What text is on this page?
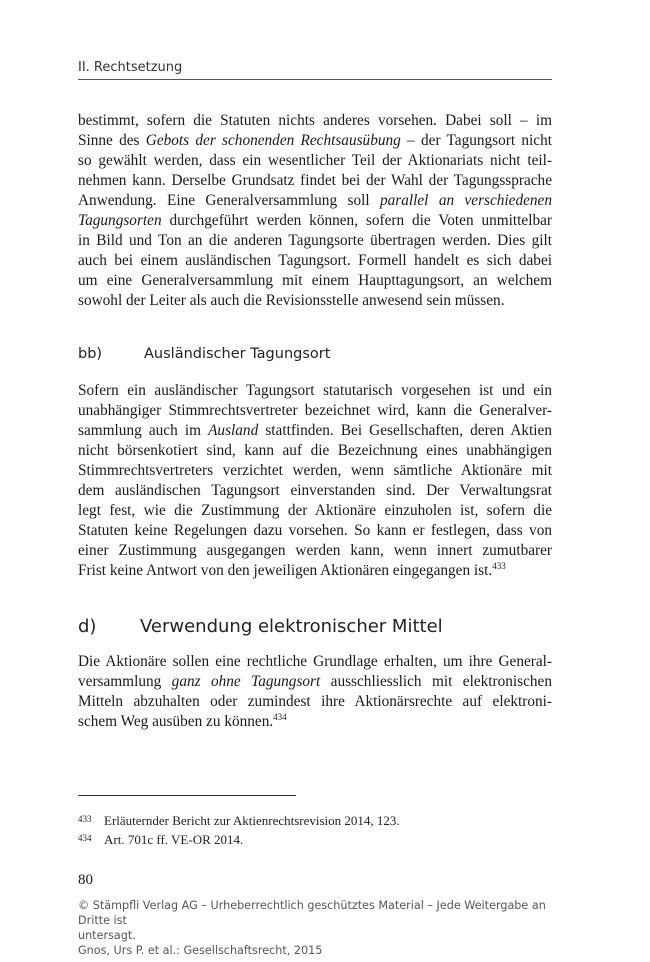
II. Rechtsetzung
bestimmt, sofern die Statuten nichts anderes vorsehen. Dabei soll – im
Sinne des Gebots der schonenden Rechtsausübung – der Tagungsort nicht
so gewählt werden, dass ein wesentlicher Teil der Aktionariats nicht teil-
nehmen kann. Derselbe Grundsatz findet bei der Wahl der Tagungssprache
Anwendung. Eine Generalversammlung soll parallel an verschiedenen
Tagungsorten durchgeführt werden können, sofern die Voten unmittelbar
in Bild und Ton an die anderen Tagungsorte übertragen werden. Dies gilt
auch bei einem ausländischen Tagungsort. Formell handelt es sich dabei
um eine Generalversammlung mit einem Haupttagungsort, an welchem
sowohl der Leiter als auch die Revisionsstelle anwesend sein müssen.
bb)	Ausländischer Tagungsort
Sofern ein ausländischer Tagungsort statutarisch vorgesehen ist und ein
unabhängiger Stimmrechtsvertreter bezeichnet wird, kann die Generalver-
sammlung auch im Ausland stattfinden. Bei Gesellschaften, deren Aktien
nicht börsenkotiert sind, kann auf die Bezeichnung eines unabhängigen
Stimmrechtsvertreters verzichtet werden, wenn sämtliche Aktionäre mit
dem ausländischen Tagungsort einverstanden sind. Der Verwaltungsrat
legt fest, wie die Zustimmung der Aktionäre einzuholen ist, sofern die
Statuten keine Regelungen dazu vorsehen. So kann er festlegen, dass von
einer Zustimmung ausgegangen werden kann, wenn innert zumutbarer
Frist keine Antwort von den jeweiligen Aktionären eingegangen ist.$^{433}$
d) Verwendung elektronischer Mittel
Die Aktionäre sollen eine rechtliche Grundlage erhalten, um ihre General-
versammlung ganz ohne Tagungsort ausschliesslich mit elektronischen
Mitteln abzuhalten oder zumindest ihre Aktionärsrechte auf elektroni-
schem Weg ausüben zu können.$^{434}$
433 Erläuternder Bericht zur Aktienrechtsrevision 2014, 123.
434 Art. 701c ff. VE-OR 2014.
80
© Stämpfli Verlag AG – Urheberrechtlich geschütztes Material – Jede Weitergabe an Dritte ist
untersagt.
Gnos, Urs P. et al.: Gesellschaftsrecht, 2015
